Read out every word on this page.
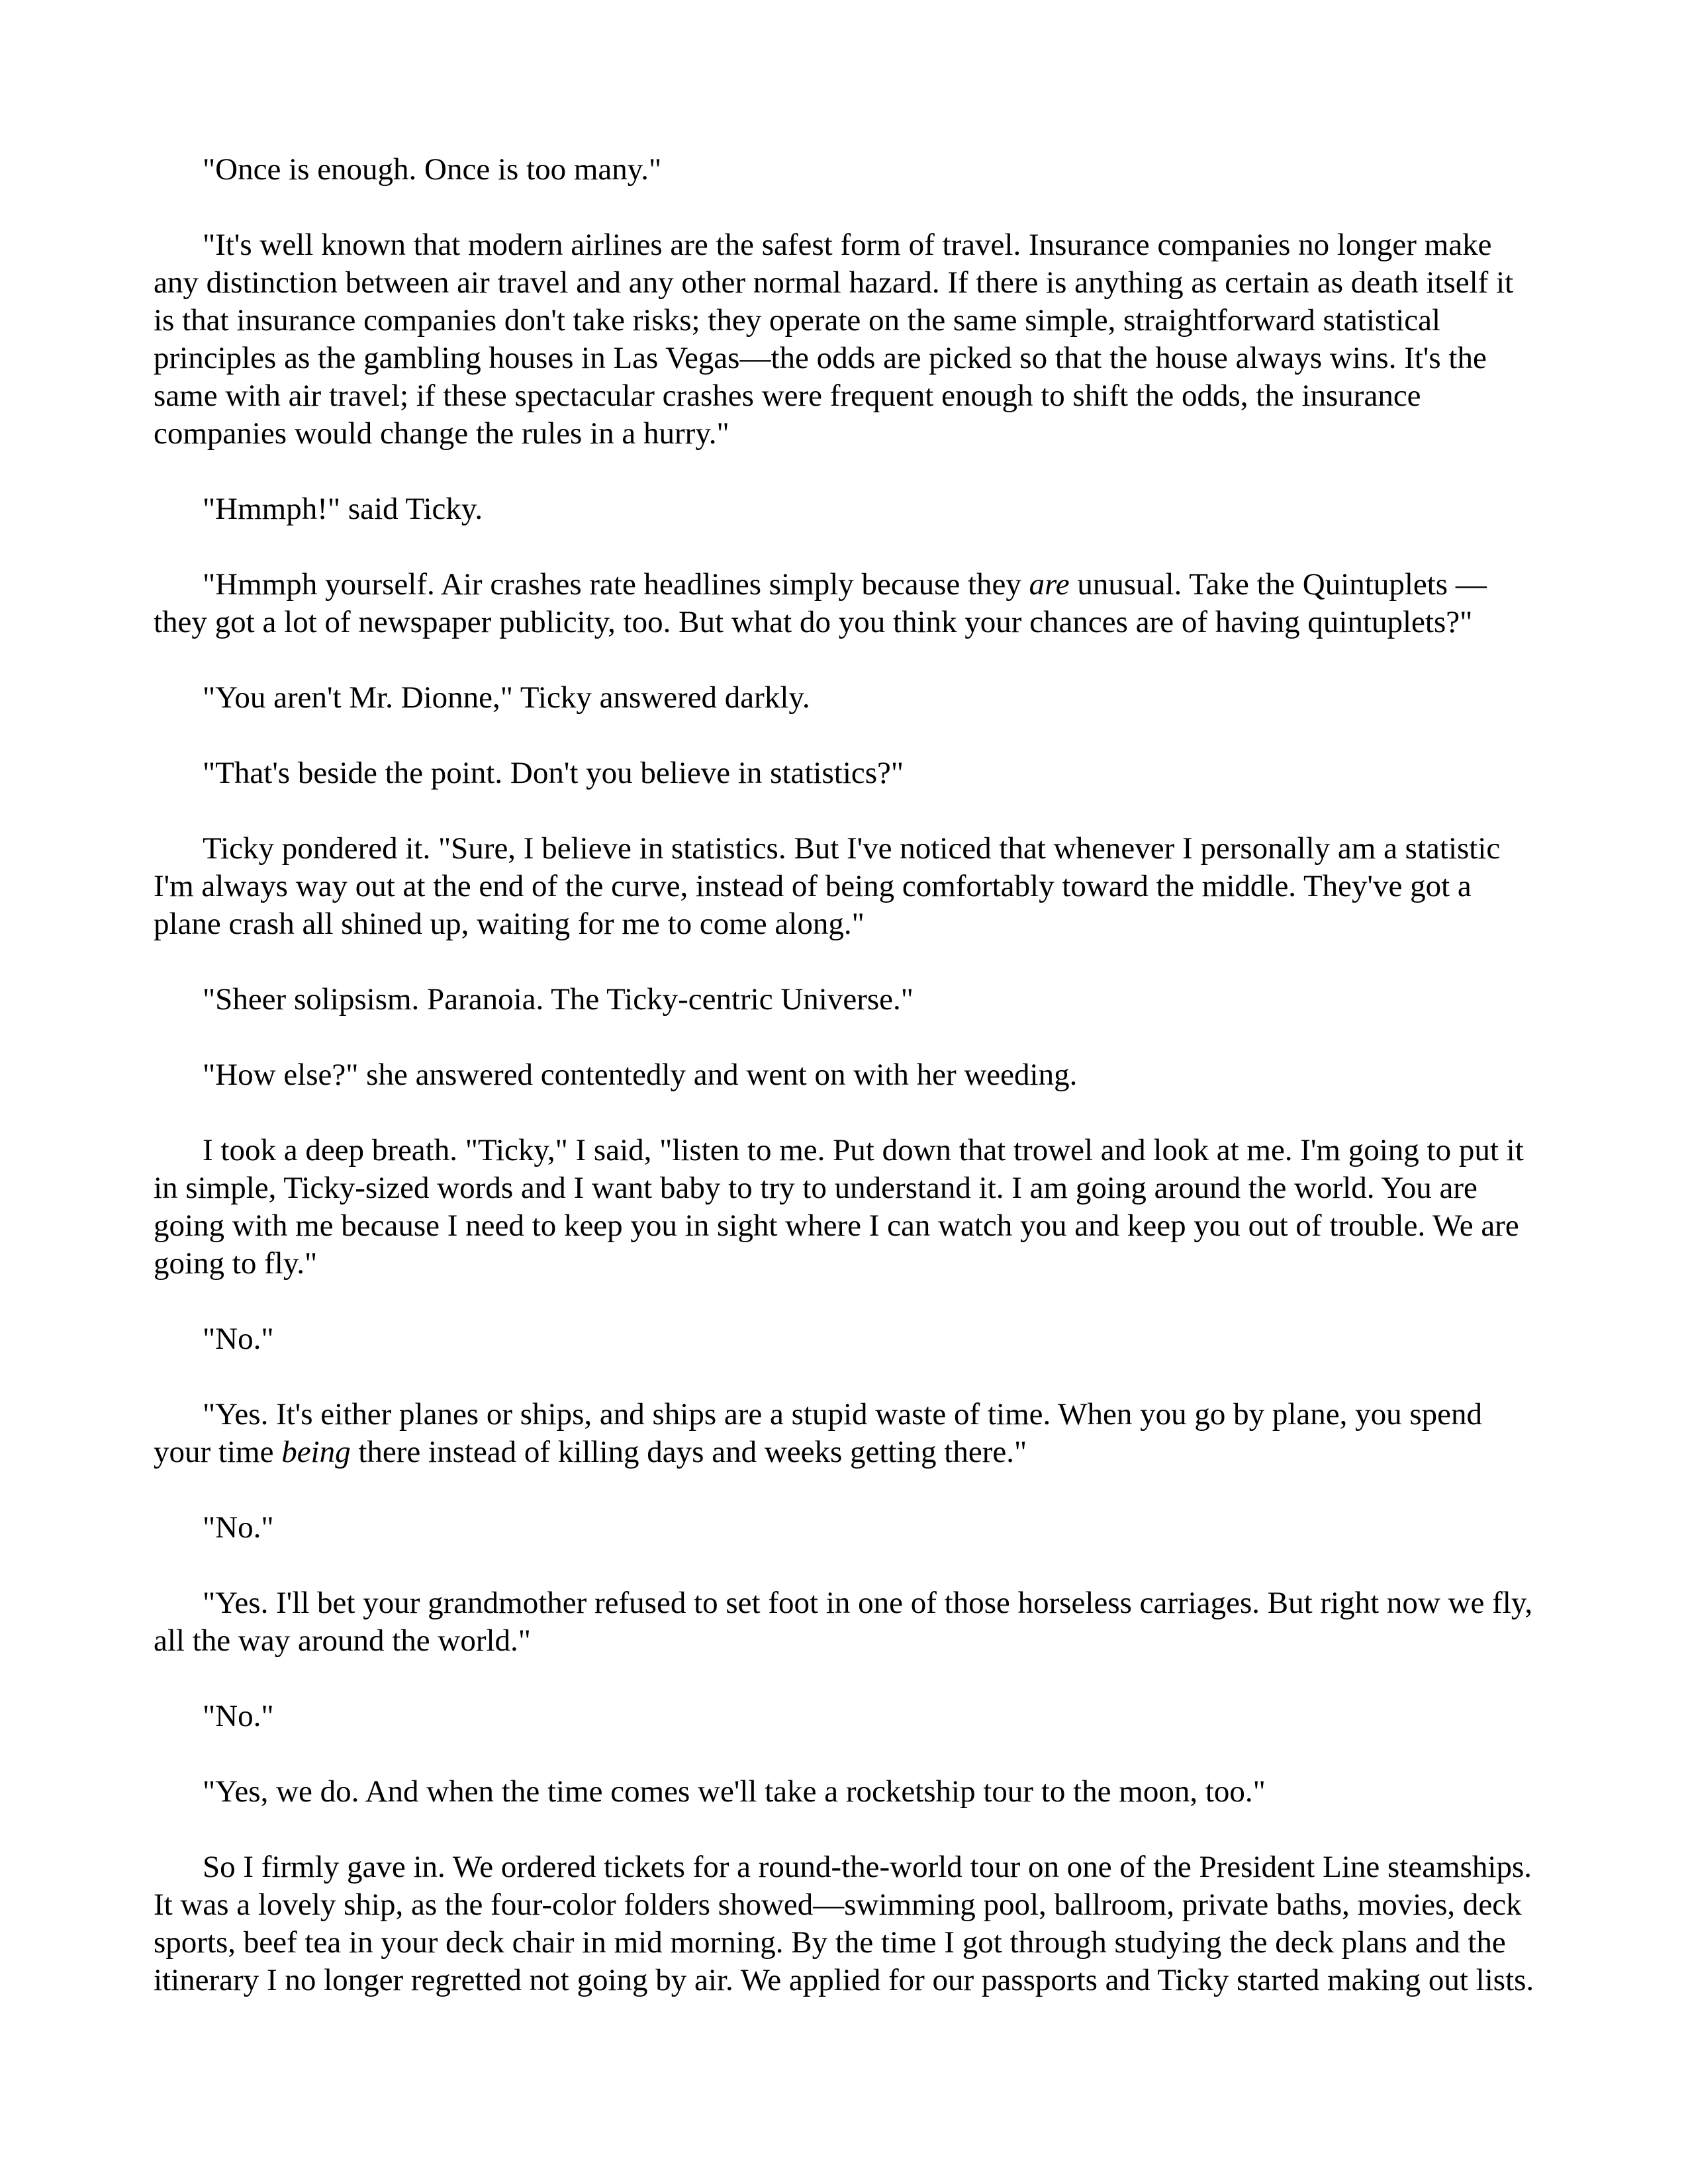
"Once is enough. Once is too many."

"It's well known that modern airlines are the safest form of travel. Insurance companies no longer make any distinction between air travel and any other normal hazard. If there is anything as certain as death itself it is that insurance companies don't take risks; they operate on the same simple, straightforward statistical principles as the gambling houses in Las Vegas—the odds are picked so that the house always wins. It's the same with air travel; if these spectacular crashes were frequent enough to shift the odds, the insurance companies would change the rules in a hurry."

"Hmmph!" said Ticky.

"Hmmph yourself. Air crashes rate headlines simply because they are unusual. Take the Quintuplets —they got a lot of newspaper publicity, too. But what do you think your chances are of having quintuplets?"

"You aren't Mr. Dionne," Ticky answered darkly.

"That's beside the point. Don't you believe in statistics?"

Ticky pondered it. "Sure, I believe in statistics. But I've noticed that whenever I personally am a statistic I'm always way out at the end of the curve, instead of being comfortably toward the middle. They've got a plane crash all shined up, waiting for me to come along."

"Sheer solipsism. Paranoia. The Ticky-centric Universe."

"How else?" she answered contentedly and went on with her weeding.

I took a deep breath. "Ticky," I said, "listen to me. Put down that trowel and look at me. I'm going to put it in simple, Ticky-sized words and I want baby to try to understand it. I am going around the world. You are going with me because I need to keep you in sight where I can watch you and keep you out of trouble. We are going to fly."

"No."

"Yes. It's either planes or ships, and ships are a stupid waste of time. When you go by plane, you spend your time being there instead of killing days and weeks getting there."

"No."

"Yes. I'll bet your grandmother refused to set foot in one of those horseless carriages. But right now we fly, all the way around the world."

"No."

"Yes, we do. And when the time comes we'll take a rocketship tour to the moon, too."

So I firmly gave in. We ordered tickets for a round-the-world tour on one of the President Line steamships. It was a lovely ship, as the four-color folders showed—swimming pool, ballroom, private baths, movies, deck sports, beef tea in your deck chair in mid morning. By the time I got through studying the deck plans and the itinerary I no longer regretted not going by air. We applied for our passports and Ticky started making out lists.
